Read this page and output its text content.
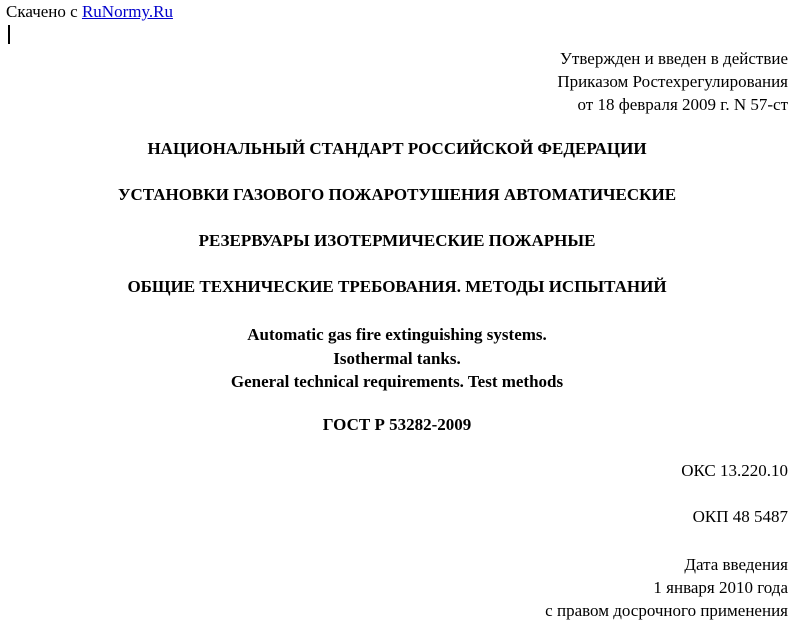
Скачено с RuNormy.Ru
Утвержден и введен в действие
Приказом Ростехрегулирования
от 18 февраля 2009 г. N 57-ст
НАЦИОНАЛЬНЫЙ СТАНДАРТ РОССИЙСКОЙ ФЕДЕРАЦИИ
УСТАНОВКИ ГАЗОВОГО ПОЖАРОТУШЕНИЯ АВТОМАТИЧЕСКИЕ
РЕЗЕРВУАРЫ ИЗОТЕРМИЧЕСКИЕ ПОЖАРНЫЕ
ОБЩИЕ ТЕХНИЧЕСКИЕ ТРЕБОВАНИЯ. МЕТОДЫ ИСПЫТАНИЙ
Automatic gas fire extinguishing systems.
Isothermal tanks.
General technical requirements. Test methods
ГОСТ Р 53282-2009
ОКС 13.220.10
ОКП 48 5487
Дата введения
1 января 2010 года
с правом досрочного применения
